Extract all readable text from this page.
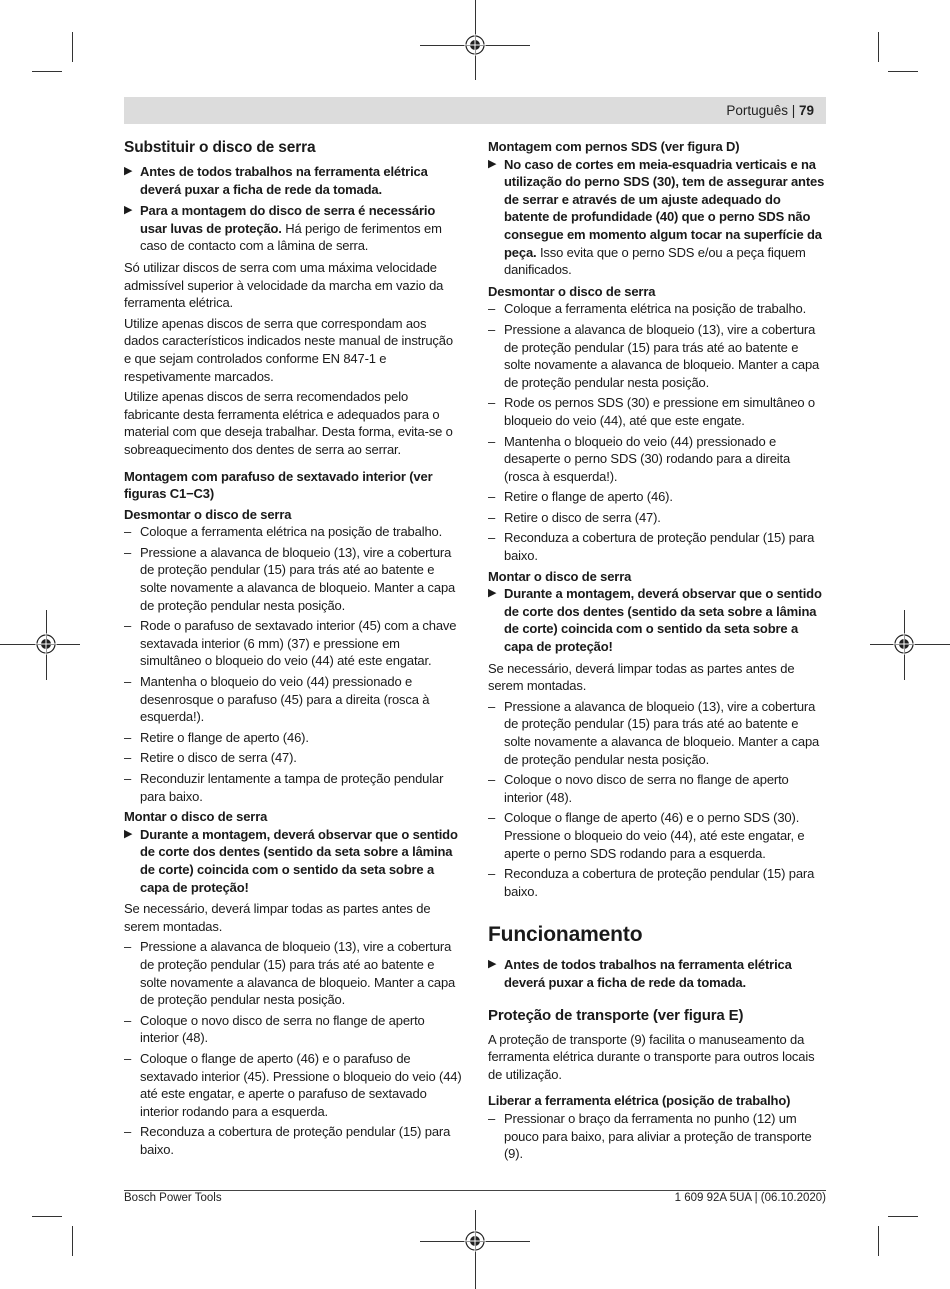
Português | 79
Substituir o disco de serra
▶ Antes de todos trabalhos na ferramenta elétrica deverá puxar a ficha de rede da tomada.
▶ Para a montagem do disco de serra é necessário usar luvas de proteção. Há perigo de ferimentos em caso de contacto com a lâmina de serra.
Só utilizar discos de serra com uma máxima velocidade admissível superior à velocidade da marcha em vazio da ferramenta elétrica.
Utilize apenas discos de serra que correspondam aos dados característicos indicados neste manual de instrução e que sejam controlados conforme EN 847-1 e respetivamente marcados.
Utilize apenas discos de serra recomendados pelo fabricante desta ferramenta elétrica e adequados para o material com que deseja trabalhar. Desta forma, evita-se o sobreaquecimento dos dentes de serra ao serrar.
Montagem com parafuso de sextavado interior (ver figuras C1−C3)
Desmontar o disco de serra
– Coloque a ferramenta elétrica na posição de trabalho.
– Pressione a alavanca de bloqueio (13), vire a cobertura de proteção pendular (15) para trás até ao batente e solte novamente a alavanca de bloqueio. Manter a capa de proteção pendular nesta posição.
– Rode o parafuso de sextavado interior (45) com a chave sextavada interior (6 mm) (37) e pressione em simultâneo o bloqueio do veio (44) até este engatar.
– Mantenha o bloqueio do veio (44) pressionado e desenrosque o parafuso (45) para a direita (rosca à esquerda!).
– Retire o flange de aperto (46).
– Retire o disco de serra (47).
– Reconduzir lentamente a tampa de proteção pendular para baixo.
Montar o disco de serra
▶ Durante a montagem, deverá observar que o sentido de corte dos dentes (sentido da seta sobre a lâmina de corte) coincida com o sentido da seta sobre a capa de proteção!
Se necessário, deverá limpar todas as partes antes de serem montadas.
– Pressione a alavanca de bloqueio (13), vire a cobertura de proteção pendular (15) para trás até ao batente e solte novamente a alavanca de bloqueio. Manter a capa de proteção pendular nesta posição.
– Coloque o novo disco de serra no flange de aperto interior (48).
– Coloque o flange de aperto (46) e o parafuso de sextavado interior (45). Pressione o bloqueio do veio (44) até este engatar, e aperte o parafuso de sextavado interior rodando para a esquerda.
– Reconduza a cobertura de proteção pendular (15) para baixo.
Montagem com pernos SDS (ver figura D)
▶ No caso de cortes em meia-esquadria verticais e na utilização do perno SDS (30), tem de assegurar antes de serrar e através de um ajuste adequado do batente de profundidade (40) que o perno SDS não consegue em momento algum tocar na superfície da peça. Isso evita que o perno SDS e/ou a peça fiquem danificados.
Desmontar o disco de serra
– Coloque a ferramenta elétrica na posição de trabalho.
– Pressione a alavanca de bloqueio (13), vire a cobertura de proteção pendular (15) para trás até ao batente e solte novamente a alavanca de bloqueio. Manter a capa de proteção pendular nesta posição.
– Rode os pernos SDS (30) e pressione em simultâneo o bloqueio do veio (44), até que este engate.
– Mantenha o bloqueio do veio (44) pressionado e desaperte o perno SDS (30) rodando para a direita (rosca à esquerda!).
– Retire o flange de aperto (46).
– Retire o disco de serra (47).
– Reconduza a cobertura de proteção pendular (15) para baixo.
Montar o disco de serra
▶ Durante a montagem, deverá observar que o sentido de corte dos dentes (sentido da seta sobre a lâmina de corte) coincida com o sentido da seta sobre a capa de proteção!
Se necessário, deverá limpar todas as partes antes de serem montadas.
– Pressione a alavanca de bloqueio (13), vire a cobertura de proteção pendular (15) para trás até ao batente e solte novamente a alavanca de bloqueio. Manter a capa de proteção pendular nesta posição.
– Coloque o novo disco de serra no flange de aperto interior (48).
– Coloque o flange de aperto (46) e o perno SDS (30). Pressione o bloqueio do veio (44), até este engatar, e aperte o perno SDS rodando para a esquerda.
– Reconduza a cobertura de proteção pendular (15) para baixo.
Funcionamento
▶ Antes de todos trabalhos na ferramenta elétrica deverá puxar a ficha de rede da tomada.
Proteção de transporte (ver figura E)
A proteção de transporte (9) facilita o manuseamento da ferramenta elétrica durante o transporte para outros locais de utilização.
Liberar a ferramenta elétrica (posição de trabalho)
– Pressionar o braço da ferramenta no punho (12) um pouco para baixo, para aliviar a proteção de transporte (9).
Bosch Power Tools	1 609 92A 5UA | (06.10.2020)
